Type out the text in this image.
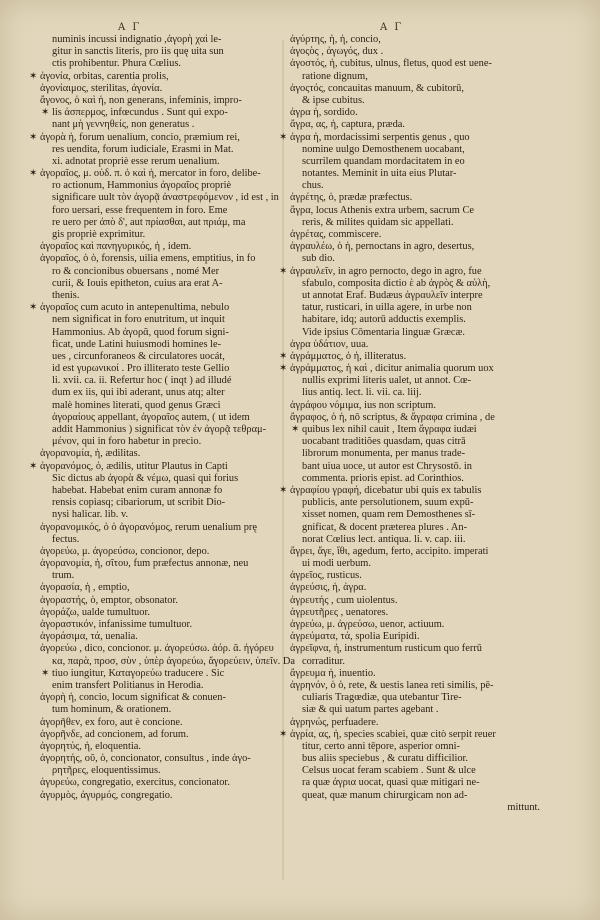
A Γ	A Γ
numinis incussi indignatio ,ἀγορὴ χαὶ le-
gitur in sanctis literis, pro iis quę uita sun
ctis prohibentur. Phura Cœlius.
✶ ἀγονία, orbitas, carentia prolis,
ἀγονίαιμος, sterilitas, ἀγονία.
ἄγονος, ὁ καὶ ἡ, non generans, infeminis, impro-
✶ lis ἀσπερμος, infœcundus . Sunt qui expo-
nant μὴ γεννηθείς, non generatus .
✶ ἀγορὰ ἡ, forum uenalium, concio, præmium rei,
res uendita, forum iudiciale, Erasmi in Mat.
xi. adnotat propriè esse rerum uenalium.
✶ ἀγοραῖος, μ. οὐδ. π. ὁ καὶ ἡ, mercator in foro, delibe-
ro actionum, Hammonius ἀγοραῖος propriè
significare uult τὸν ἀγορᾷ ἀναστρεφόμενον , id est , in
foro uersari, esse frequentem in foro. Eme
re uero per ἀπὸ δ', aut πρίασθαι, aut πριάμ, ma
gis propriè exprimitur.
ἀγοραῖος καὶ πανηγυρικός, ἡ , idem.
ἀγοραῖος, ὁ ὁ, forensis, uilia emens, emptitius, in fo
ro & concionibus obuersans , nomé Mer
curii, & Iouis epitheton, cuius ara erat A-
thenis.
✶ ἀγοραῖος cum acuto in antepenultima, nebulo
nem significat in foro enutritum, ut inquit
Hammonius. Ab ἀγορᾶ, quod forum signi-
ficat, unde Latini huiusmodi homines le-
ues , circunforaneos & circulatores uocát,
id est γυρωνικοί . Pro illiterato teste Gellio
li. xvii. ca. ii. Refertur hoc ( inqt ) ad illudé
dum ex iis, qui ibi aderant, unus atq; alter
malè homines literati, quod genus Græci
ἀγοραίους appellant, ἀγοραῖος autem, ( ut idem
addit Hammonius ) significat τὸν ἐν ἀγορᾷ τεθραμ-
μένον, qui in foro habetur in precio.
ἀγορανομία, ἡ, ædilitas.
✶ ἀγορανόμος, ὁ, ædilis, utitur Plautus in Capti
Sic dictus ab ἀγορὰ & νέμω, quasi qui forius
habebat. Habebat enim curam annonæ fo
rensis copiasq; cibariorum, ut scribit Dio-
nysi halicar. lib. v.
ἀγορανομικός, ὁ ὁ ἀγορανόμος, rerum uenalium prę
fectus.
ἀγορεύω, μ. ἀγορεύσω, concionor, depo.
ἀγορανομία, ἡ, σῖτου, fum præfectus annonæ, neu
trum.
ἀγορασία, ἡ , emptio,
ἀγοραστής, ὁ, emptor, obsonator.
ἀγοράζω, ualde tumultuor.
ἀγοραστικόν, infanissime tumultuor.
ἀγοράσιμα, τά, uenalia.
ἀγορεύω , dico, concionor. μ. ἀγορεύσω. ἀόρ. ᾶ. ἠγόρευ
κα, παρὰ, προσ, σὺν , ὑπὲρ ἀγορεύω, ἄγορεύειν, ὑπεῖν. Da
✶ tiuo iungitur, Καταγορεύω traducere . Sic
enim transfert Politianus in Herodia.
ἀγορὴ ἡ, concio, locum significat & conuen-
tum hominum, & orationem.
ἀγορῆθεν, ex foro, aut è concione.
ἀγορῆνδε, ad concionem, ad forum.
ἀγορητύς, ἡ, eloquentia.
ἀγορητής, οῦ, ὁ, concionator, consultus , inde ἀγο-
ρητῆρες, eloquentissimus.
ἀγυρεύω, congregatio, exercitus, concionator.
ἀγυρμὸς, ἀγυρμός, congregatio.
ἀγύρτης, ἡ, ἡ, concio,
ἀγοςὸς , ἀγωγός, dux .
ἀγοστός, ἡ, cubitus, ulnus, fletus, quod est uene-
ratione dignum,
ἀγοςτός, concauitas manuum, & cubitorū,
& ipse cubitus.
ἀγρα ἡ, sordido.
ἄγρα, ας, ἡ, captura, præda.
✶ ἀγρα ἡ, mordacissimi serpentis genus , quo
nomine uulgo Demosthenem uocabant,
scurrilem quandam mordacitatem in eo
notantes. Meminit in uita eius Plutar-
chus.
ἀγρέτης, ὁ, prædæ præfectus.
ἄγρα, locus Athenis extra urbem, sacrum Ce
reris, & milites quidam sic appellati.
ἀγρέτας, commiscere.
ἀγραυλέω, ὁ ἡ, pernoctans in agro, desertus,
sub dio.
✶ ἀγραυλεῖν, in agro pernocto, dego in agro, fue
sfabulo, composita dictio ὲ ab ἀγρὸς & αὐλὴ,
ut annotat Eraf. Budæus ἀγραυλεῖν interpre
tatur, rusticari, in uilla agere, in urbe non
habitare, idq; autorū adductis exemplis.
Vide ipsius Cōmentaria linguæ Græcæ.
ἀγρα ὑδάτιον, uua.
✶ ἀγράμματος, ὁ ἡ, illiteratus.
✶ ἀγράμματος, ἡ καὶ , dicitur animalia quorum uox
nullis exprimi literis ualet, ut annot. Cœ-
lius antiq. lect. li. vii. ca. liij.
ἀγράφου νόμιμα, ius non scriptum.
ἄγραφος, ὁ ἡ, nō scriptus, & ἄγραφα crimina , de
✶ quibus lex nihil cauit , Item ἄγραφα iudæi
uocabant traditiões quasdam, quas citrā
librorum monumenta, per manus trade-
bant uiua uoce, ut autor est Chrysostō. in
commenta. prioris epist. ad Corinthios.
✶ ἀγραφίου γραφή, dicebatur ubi quis ex tabulis
publicis, ante persolutionem, suum expū-
xisset nomen, quam rem Demosthenes sī-
gnificat, & docent præterea plures . An-
norat Cœlius lect. antiqua. li. v. cap. iii.
ἄγρει, ἄγε, ἴθι, agedum, ferto, accipito. imperati
ui modi uerbum.
ἀγρεῖος, rusticus.
ἀγρεύσις, ἡ, ἀγρα.
ἀγρευτής , cum uiolentus.
ἀγρευτῆρες , uenatores.
ἀγρεύω, μ. ἀγρεύσω, uenor, actiuum.
ἀγρεύματα, τά, spolia Euripidi.
ἀγρεῖφνα, ἡ, instrumentum rusticum quo ferrū
corraditur.
ἄγρευμα ἡ, inuentio.
ἀγρηνόν, ὁ ὁ, rete, & uestis lanea reti similis, pē-
culiaris Tragœdiæ, qua utebantur Tire-
siæ & qui uatum partes agebant .
ἀγρηνώς, perfuadere.
✶ ἀγρία, ας, ἡ, species scabiei, quæ citò serpit reuer
titur, certo anni tēpore, asperior omni-
bus aliis speciebus , & curatu difficilior.
Celsus uocat feram scabiem . Sunt & ulce
ra quæ ἀγρια uocat, quasi quæ mitigari ne-
queat, quæ manum chirurgicam non ad-
mittunt.
